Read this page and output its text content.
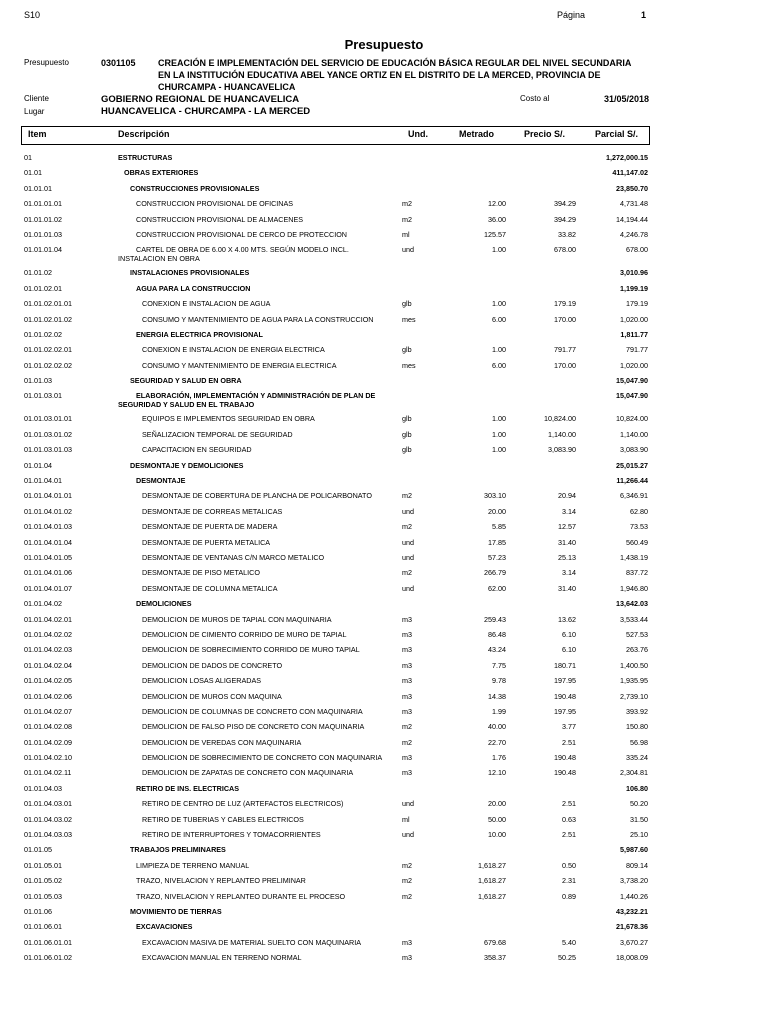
S10	Página	1
Presupuesto
Presupuesto	0301105 CREACIÓN E IMPLEMENTACIÓN DEL SERVICIO DE EDUCACIÓN BÁSICA REGULAR DEL NIVEL SECUNDARIA EN LA INSTITUCIÓN EDUCATIVA ABEL YANCE ORTIZ EN EL DISTRITO DE LA MERCED, PROVINCIA DE CHURCAMPA - HUANCAVELICA
Cliente	GOBIERNO REGIONAL DE HUANCAVELICA	Costo al	31/05/2018
Lugar	HUANCAVELICA - CHURCAMPA - LA MERCED
Item	Descripción	Und.	Metrado	Precio S/.	Parcial S/.
01	ESTRUCTURAS	1,272,000.15
01.01	OBRAS EXTERIORES	411,147.02
01.01.01	CONSTRUCCIONES PROVISIONALES	23,850.70
01.01.01.01	CONSTRUCCION PROVISIONAL DE OFICINAS	m2	12.00	394.29	4,731.48
01.01.01.02	CONSTRUCCION PROVISIONAL DE ALMACENES	m2	36.00	394.29	14,194.44
01.01.01.03	CONSTRUCCION PROVISIONAL DE CERCO DE PROTECCION	ml	125.57	33.82	4,246.78
01.01.01.04	CARTEL DE OBRA DE 6.00 X 4.00 MTS. SEGÚN MODELO INCL. INSTALACION EN OBRA
und	1.00	678.00	678.00
01.01.02	INSTALACIONES PROVISIONALES	3,010.96
01.01.02.01	AGUA PARA LA CONSTRUCCION	1,199.19
01.01.02.01.01	CONEXION E INSTALACION DE AGUA	glb	1.00	179.19	179.19
01.01.02.01.02	CONSUMO Y MANTENIMIENTO DE AGUA PARA LA CONSTRUCCION	mes	6.00	170.00	1,020.00
01.01.02.02	ENERGIA ELECTRICA PROVISIONAL	1,811.77
01.01.02.02.01	CONEXION E INSTALACION DE ENERGIA ELECTRICA	glb	1.00	791.77	791.77
01.01.02.02.02	CONSUMO Y MANTENIMIENTO DE ENERGIA ELECTRICA	mes	6.00	170.00	1,020.00
01.01.03	SEGURIDAD Y SALUD EN OBRA	15,047.90
01.01.03.01	ELABORACIÓN, IMPLEMENTACIÓN Y ADMINISTRACIÓN DE PLAN DE SEGURIDAD Y SALUD EN EL TRABAJO
15,047.90
01.01.03.01.01	EQUIPOS E IMPLEMENTOS SEGURIDAD EN OBRA	glb	1.00	10,824.00	10,824.00
01.01.03.01.02	SEÑALIZACION TEMPORAL DE SEGURIDAD	glb	1.00	1,140.00	1,140.00
01.01.03.01.03	CAPACITACION EN SEGURIDAD	glb	1.00	3,083.90	3,083.90
01.01.04	DESMONTAJE Y DEMOLICIONES	25,015.27
01.01.04.01	DESMONTAJE	11,266.44
01.01.04.01.01	DESMONTAJE DE COBERTURA DE PLANCHA DE POLICARBONATO	m2	303.10	20.94	6,346.91
01.01.04.01.02	DESMONTAJE DE CORREAS METALICAS	und	20.00	3.14	62.80
01.01.04.01.03	DESMONTAJE DE PUERTA DE MADERA	m2	5.85	12.57	73.53
01.01.04.01.04	DESMONTAJE DE PUERTA METALICA	und	17.85	31.40	560.49
01.01.04.01.05	DESMONTAJE DE VENTANAS C/N MARCO METALICO	und	57.23	25.13	1,438.19
01.01.04.01.06	DESMONTAJE DE PISO METALICO	m2	266.79	3.14	837.72
01.01.04.01.07	DESMONTAJE DE COLUMNA METALICA	und	62.00	31.40	1,946.80
01.01.04.02	DEMOLICIONES	13,642.03
01.01.04.02.01	DEMOLICION DE MUROS DE TAPIAL CON MAQUINARIA	m3	259.43	13.62	3,533.44
01.01.04.02.02	DEMOLICION DE CIMIENTO CORRIDO DE MURO DE TAPIAL	m3	86.48	6.10	527.53
01.01.04.02.03	DEMOLICION DE SOBRECIMIENTO CORRIDO DE MURO TAPIAL	m3	43.24	6.10	263.76
01.01.04.02.04	DEMOLICION DE DADOS DE CONCRETO	m3	7.75	180.71	1,400.50
01.01.04.02.05	DEMOLICION LOSAS ALIGERADAS	m3	9.78	197.95	1,935.95
01.01.04.02.06	DEMOLICION DE MUROS CON MAQUINA	m3	14.38	190.48	2,739.10
01.01.04.02.07	DEMOLICION DE COLUMNAS DE CONCRETO CON MAQUINARIA	m3	1.99	197.95	393.92
01.01.04.02.08	DEMOLICION DE FALSO PISO DE CONCRETO CON MAQUINARIA	m2	40.00	3.77	150.80
01.01.04.02.09	DEMOLICION DE VEREDAS CON MAQUINARIA	m2	22.70	2.51	56.98
01.01.04.02.10	DEMOLICION DE SOBRECIMIENTO DE CONCRETO CON MAQUINARIA	m3	1.76	190.48	335.24
01.01.04.02.11	DEMOLICION DE ZAPATAS DE CONCRETO CON MAQUINARIA	m3	12.10	190.48	2,304.81
01.01.04.03	RETIRO DE INS. ELECTRICAS	106.80
01.01.04.03.01	RETIRO DE CENTRO DE LUZ (ARTEFACTOS ELECTRICOS)	und	20.00	2.51	50.20
01.01.04.03.02	RETIRO DE TUBERIAS Y CABLES ELECTRICOS	ml	50.00	0.63	31.50
01.01.04.03.03	RETIRO DE INTERRUPTORES Y TOMACORRIENTES	und	10.00	2.51	25.10
01.01.05	TRABAJOS PRELIMINARES	5,987.60
01.01.05.01	LIMPIEZA DE TERRENO MANUAL	m2	1,618.27	0.50	809.14
01.01.05.02	TRAZO, NIVELACION Y REPLANTEO PRELIMINAR	m2	1,618.27	2.31	3,738.20
01.01.05.03	TRAZO, NIVELACION Y REPLANTEO DURANTE EL PROCESO	m2	1,618.27	0.89	1,440.26
01.01.06	MOVIMIENTO DE TIERRAS	43,232.21
01.01.06.01	EXCAVACIONES	21,678.36
01.01.06.01.01	EXCAVACION MASIVA DE MATERIAL SUELTO CON MAQUINARIA	m3	679.68	5.40	3,670.27
01.01.06.01.02	EXCAVACION MANUAL EN TERRENO NORMAL	m3	358.37	50.25	18,008.09
